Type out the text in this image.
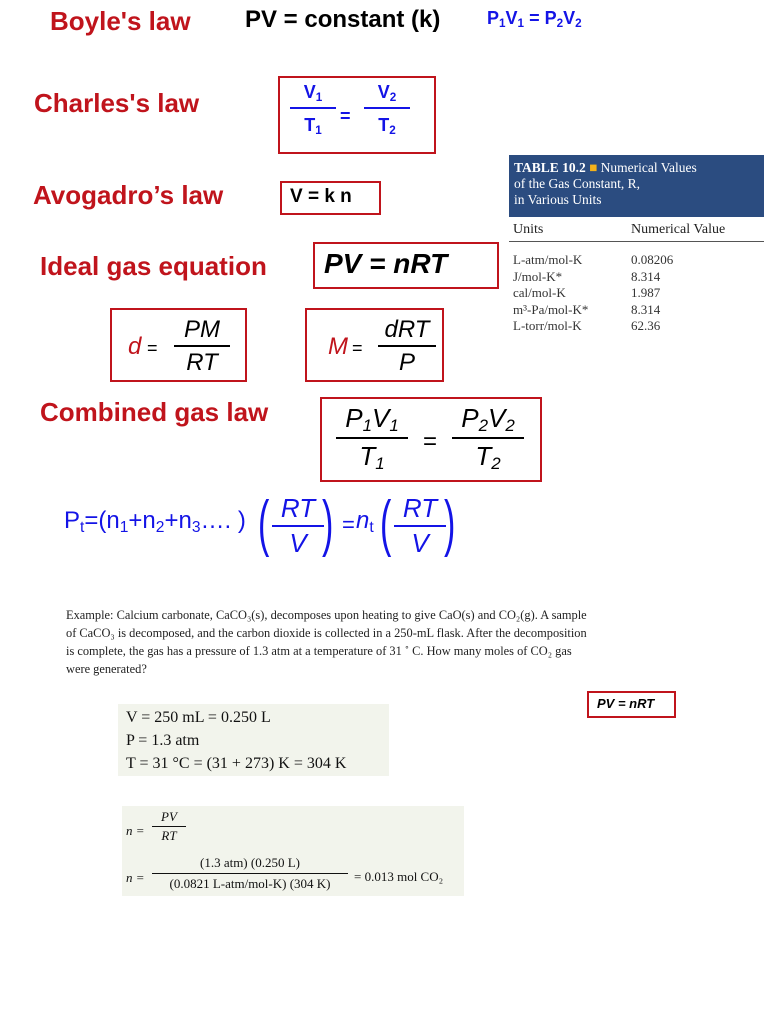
Boyle's law PV = constant (k)	$P_1V_1 = P_2V_2$
Charles's law	$V_1$
$T_1$
=
$V_2$
$T_2$
Avogadro’s law	V = k n
Ideal gas equation PV = nRT
d =
PM
RT
M =
dRT
P
Combined gas law	$P_1V_1$
$T_1$
=
$P_2V_2$
$T_2$
$P_t=(n_1+n_2+n_3\dots$. ) ( RT
V ) = $n_t$ ( RT
V )
TABLE 10.2 ■ Numerical Values
of the Gas Constant, R,
in Various Units
Units	Numerical Value
L-atm/mol-K	0.08206
J/mol-K*	8.314
cal/mol-K	1.987
m³-Pa/mol-K*	8.314
L-torr/mol-K	62.36
Example: Calcium carbonate, CaCO₃(s), decomposes upon heating to give CaO(s) and CO₂(g). A sample
of CaCO₃ is decomposed, and the carbon dioxide is collected in a 250-mL flask. After the decomposition
is complete, the gas has a pressure of 1.3 atm at a temperature of 31 ˚ C. How many moles of CO₂ gas
were generated?
PV = nRT
V = 250 mL = 0.250 L
P = 1.3 atm
T = 31 °C = (31 + 273) K = 304 K
n =
PV
RT
n =
(1.3 atm) (0.250 L)
(0.0821 L-atm/mol-K) (304 K)	= 0.013 mol CO₂
